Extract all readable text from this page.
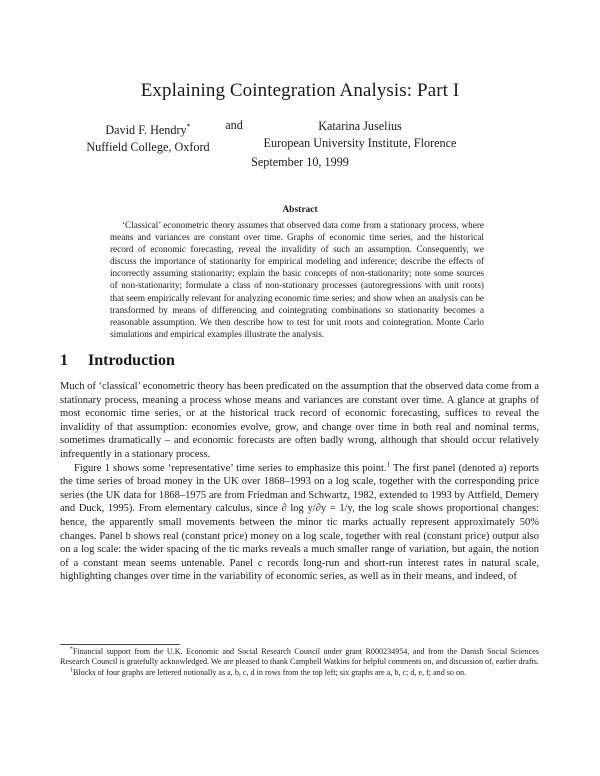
Explaining Cointegration Analysis: Part I
David F. Hendry*
Nuffield College, Oxford
and	Katarina Juselius
European University Institute, Florence
September 10, 1999
Abstract
‘Classical’ econometric theory assumes that observed data come from a stationary process, where means and variances are constant over time. Graphs of economic time series, and the historical record of economic forecasting, reveal the invalidity of such an assumption. Consequently, we discuss the importance of stationarity for empirical modeling and inference; describe the effects of incorrectly assuming stationarity; explain the basic concepts of non-stationarity; note some sources of non-stationarity; formulate a class of non-stationary processes (autoregressions with unit roots) that seem empirically relevant for analyzing economic time series; and show when an analysis can be transformed by means of differencing and cointegrating combinations so stationarity becomes a reasonable assumption. We then describe how to test for unit roots and cointegration. Monte Carlo simulations and empirical examples illustrate the analysis.
1 Introduction

Much of ‘classical’ econometric theory has been predicated on the assumption that the observed data come from a stationary process, meaning a process whose means and variances are constant over time. A glance at graphs of most economic time series, or at the historical track record of economic forecasting, suffices to reveal the invalidity of that assumption: economies evolve, grow, and change over time in both real and nominal terms, sometimes dramatically – and economic forecasts are often badly wrong, although that should occur relatively infrequently in a stationary process.

Figure 1 shows some ‘representative’ time series to emphasize this point.$^1$ The first panel (denoted a) reports the time series of broad money in the UK over 1868–1993 on a log scale, together with the corresponding price series (the UK data for 1868–1975 are from Friedman and Schwartz, 1982, extended to 1993 by Attfield, Demery and Duck, 1995). From elementary calculus, since ∂ log y/∂y = 1/y, the log scale shows proportional changes: hence, the apparently small movements between the minor tic marks actually represent approximately 50% changes. Panel b shows real (constant price) money on a log scale, together with real (constant price) output also on a log scale: the wider spacing of the tic marks reveals a much smaller range of variation, but again, the notion of a constant mean seems untenable. Panel c records long-run and short-run interest rates in natural scale, highlighting changes over time in the variability of economic series, as well as in their means, and indeed, of

*Financial support from the U.K. Economic and Social Research Council under grant R000234954, and from the Danish Social Sciences Research Council is gratefully acknowledged. We are pleased to thank Campbell Watkins for helpful comments on, and discussion of, earlier drafts.

$^1$Blocks of four graphs are lettered notionally as a, b, c, d in rows from the top left; six graphs are a, b, c; d, e, f; and so on.
